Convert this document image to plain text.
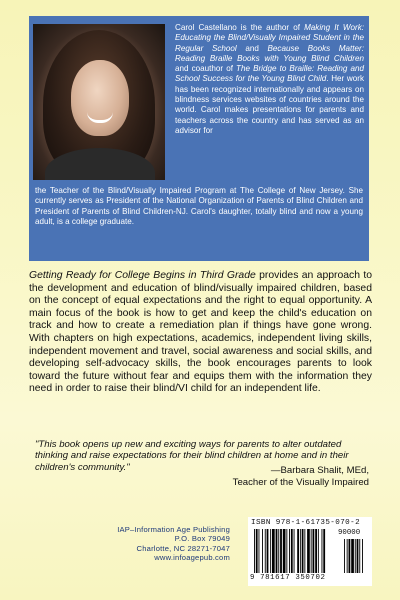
Carol Castellano is the author of Making It Work: Educating the Blind/Visually Impaired Student in the Regular School and Because Books Matter: Reading Braille Books with Young Blind Children and coauthor of The Bridge to Braille: Reading and School Success for the Young Blind Child. Her work has been recognized internationally and appears on blindness services websites of countries around the world. Carol makes presentations for parents and teachers across the country and has served as an advisor for
the Teacher of the Blind/Visually Impaired Program at The College of New Jersey. She currently serves as President of the National Organization of Parents of Blind Children and President of Parents of Blind Children-NJ. Carol's daughter, totally blind and now a young adult, is a college graduate.
Getting Ready for College Begins in Third Grade provides an approach to the development and education of blind/visually impaired children, based on the concept of equal expectations and the right to equal opportunity. A main focus of the book is how to get and keep the child's education on track and how to create a remediation plan if things have gone wrong. With chapters on high expectations, academics, independent living skills, independent movement and travel, social awareness and social skills, and developing self-advocacy skills, the book encourages parents to look toward the future without fear and equips them with the information they need in order to raise their blind/VI child for an independent life.
"This book opens up new and exciting ways for parents to alter outdated thinking and raise expectations for their blind children at home and in their children's community."	—Barbara Shalit, MEd,
Teacher of the Visually Impaired
IAP–Information Age Publishing
P.O. Box 79049
Charlotte, NC 28271-7047
www.infoagepub.com
ISBN 978-1-61735-070-2
90000
9 781617 350702
